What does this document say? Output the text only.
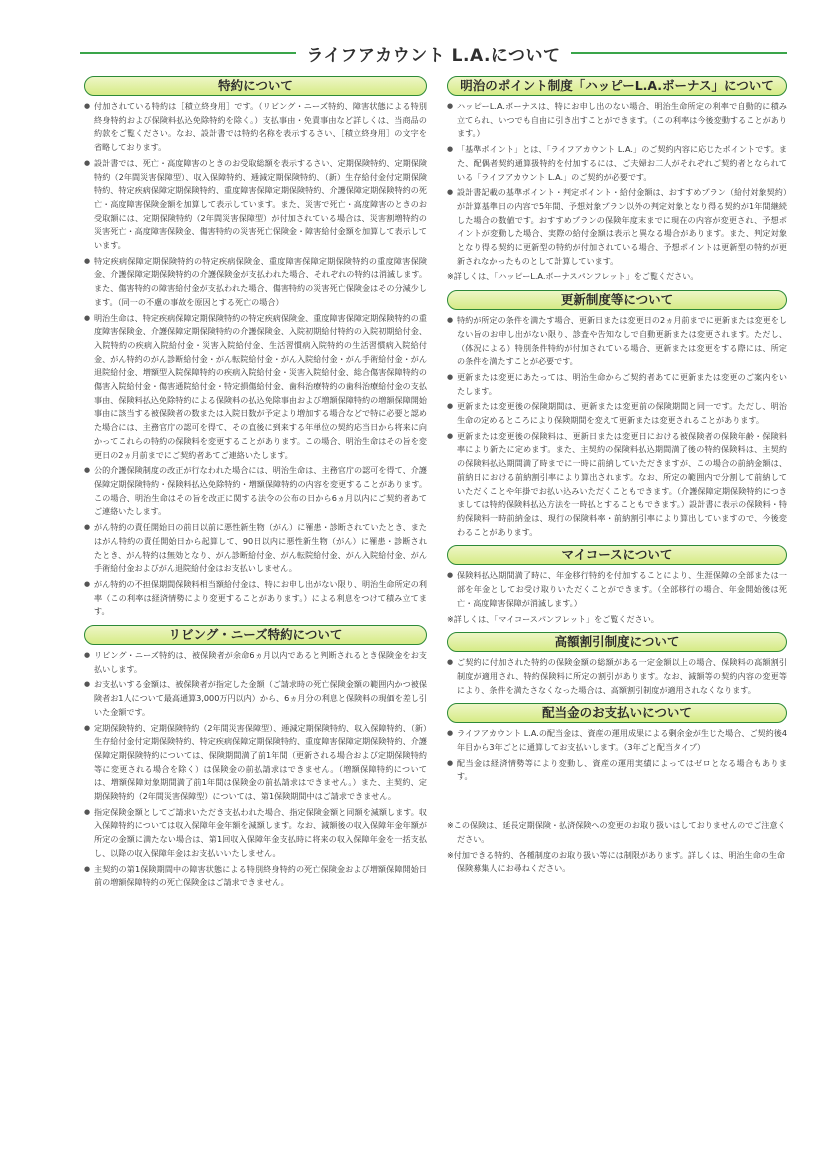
ライフアカウント L.A.について
特約について
● 付加されている特約は［積立終身用］です。（リビング・ニーズ特約、障害状態による特別終身特約および保険料払込免除特約を除く。）支払事由・免責事由など詳しくは、当商品の約款をご覧ください。なお、設計書では特約名称を表示するさい、［積立終身用］の文字を省略しております。
● 設計書では、死亡・高度障害のときのお受取総額を表示するさい、定期保険特約、定期保険特約（2年間災害保障型）、収入保障特約、逓減定期保険特約、（新）生存給付金付定期保険特約、特定疾病保障定期保険特約、重度障害保障定期保険特約、介護保障定期保険特約の死亡・高度障害保険金額を加算して表示しています。また、災害で死亡・高度障害のときのお受取額には、定期保険特約（2年間災害保障型）が付加されている場合は、災害割増特約の災害死亡・高度障害保険金、傷害特約の災害死亡保険金・障害給付金額を加算して表示しています。
● 特定疾病保障定期保険特約の特定疾病保険金、重度障害保障定期保険特約の重度障害保険金、介護保障定期保険特約の介護保険金が支払われた場合、それぞれの特約は消滅します。また、傷害特約の障害給付金が支払われた場合、傷害特約の災害死亡保険金はその分減少します。（同一の不慮の事故を原因とする死亡の場合）
● 明治生命は、特定疾病保障定期保険特約の特定疾病保険金、重度障害保障定期保険特約の重度障害保険金、介護保障定期保険特約の介護保険金、入院初期給付特約の入院初期給付金、入院特約の疾病入院給付金・災害入院給付金、生活習慣病入院特約の生活習慣病入院給付金、がん特約のがん診断給付金・がん転院給付金・がん入院給付金・がん手術給付金・がん退院給付金、増額型入院保障特約の疾病入院給付金・災害入院給付金、総合傷害保障特約の傷害入院給付金・傷害通院給付金・特定損傷給付金、歯科治療特約の歯科治療給付金の支払事由、保険料払込免除特約による保険料の払込免除事由および増額保障特約の増額保障開始事由に該当する被保険者の数または入院日数が予定より増加する場合などで特に必要と認めた場合には、主務官庁の認可を得て、その直後に到来する年単位の契約応当日から将来に向かってこれらの特約の保険料を変更することがあります。この場合、明治生命はその旨を変更日の2ヵ月前までにご契約者あてご連絡いたします。
● 公的介護保険制度の改正が行なわれた場合には、明治生命は、主務官庁の認可を得て、介護保障定期保険特約・保険料払込免除特約・増額保障特約の内容を変更することがあります。この場合、明治生命はその旨を改正に関する法令の公布の日から6ヵ月以内にご契約者あてご連絡いたします。
● がん特約の責任開始日の前日以前に悪性新生物（がん）に罹患・診断されていたとき、またはがん特約の責任開始日から起算して、90日以内に悪性新生物（がん）に罹患・診断されたとき、がん特約は無効となり、がん診断給付金、がん転院給付金、がん入院給付金、がん手術給付金およびがん退院給付金はお支払いしません。
● がん特約の不担保期間保険料相当額給付金は、特にお申し出がない限り、明治生命所定の利率（この利率は経済情勢により変更することがあります。）による利息をつけて積み立てます。
リビング・ニーズ特約について
● リビング・ニーズ特約は、被保険者が余命6ヵ月以内であると判断されるとき保険金をお支払いします。
● お支払いする金額は、被保険者が指定した金額（ご請求時の死亡保険金額の範囲内かつ被保険者お1人について最高通算3,000万円以内）から、6ヵ月分の利息と保険料の現価を差し引いた金額です。
● 定期保険特約、定期保険特約（2年間災害保障型）、逓減定期保険特約、収入保障特約、（新）生存給付金付定期保険特約、特定疾病保障定期保険特約、重度障害保障定期保険特約、介護保障定期保険特約については、保険期間満了前1年間（更新される場合および定期保険特約等に変更される場合を除く）は保険金の前払請求はできません。（増額保障特約については、増額保障対象期間満了前1年間は保険金の前払請求はできません。）また、主契約、定期保険特約（2年間災害保障型）については、第1保険期間中はご請求できません。
● 指定保険金額としてご請求いただき支払われた場合、指定保険金額と同額を減額します。収入保障特約については収入保障年金年額を減額します。なお、減額後の収入保障年金年額が所定の金額に満たない場合は、第1回収入保障年金支払時に将来の収入保障年金を一括支払し、以降の収入保障年金はお支払いいたしません。
● 主契約の第1保険期間中の障害状態による特別終身特約の死亡保険金および増額保障開始日前の増額保障特約の死亡保険金はご請求できません。
明治のポイント制度「ハッピーL.A.ボーナス」について
● ハッピーL.A.ボーナスは、特にお申し出のない場合、明治生命所定の利率で自動的に積み立てられ、いつでも自由に引き出すことができます。（この利率は今後変動することがあります。）
● 「基準ポイント」とは、「ライフアカウント L.A.」のご契約内容に応じたポイントです。また、配偶者契約通算扱特約を付加するには、ご夫婦お二人がそれぞれご契約者となられている「ライフアカウント L.A.」のご契約が必要です。
● 設計書記載の基準ポイント・判定ポイント・給付金額は、おすすめプラン（給付対象契約）が計算基準日の内容で5年間、予想対象プラン以外の判定対象となり得る契約が1年間継続した場合の数値です。おすすめプランの保険年度末までに現在の内容が変更され、予想ポイントが変動した場合、実際の給付金額は表示と異なる場合があります。また、判定対象となり得る契約に更新型の特約が付加されている場合、予想ポイントは更新型の特約が更新されなかったものとして計算しています。

※詳しくは、「ハッピーL.A.ボーナスパンフレット」をご覧ください。

更新制度等について
● 特約が所定の条件を満たす場合、更新日または変更日の2ヵ月前までに更新または変更をしない旨のお申し出がない限り、診査や告知なしで自動更新または変更されます。ただし、（体況による）特別条件特約が付加されている場合、更新または変更をする際には、所定の条件を満たすことが必要です。
● 更新または変更にあたっては、明治生命からご契約者あてに更新または変更のご案内をいたします。
● 更新または変更後の保険期間は、更新または変更前の保険期間と同一です。ただし、明治生命の定めるところにより保険期間を変えて更新または変更されることがあります。
● 更新または変更後の保険料は、更新日または変更日における被保険者の保険年齢・保険料率により新たに定めます。また、主契約の保険料払込期間満了後の特約保険料は、主契約の保険料払込期間満了時までに一時に前納していただきますが、この場合の前納金額は、前納日における前納割引率により算出されます。なお、所定の範囲内で分割して前納していただくことや年掛でお払い込みいただくこともできます。（介護保障定期保険特約につきましては特約保険料払込方法を一時払とすることもできます。）設計書に表示の保険料・特約保険料一時前納金は、現行の保険料率・前納割引率により算出していますので、今後変わることがあります。
マイコースについて
● 保険料払込期間満了時に、年金移行特約を付加することにより、生涯保障の全部または一部を年金としてお受け取りいただくことができます。（全部移行の場合、年金開始後は死亡・高度障害保障が消滅します。）

※詳しくは、「マイコースパンフレット」をご覧ください。

高額割引制度について
● ご契約に付加された特約の保険金額の総額がある一定金額以上の場合、保険料の高額割引制度が適用され、特約保険料に所定の割引があります。なお、減額等の契約内容の変更等により、条件を満たさなくなった場合は、高額割引制度が適用されなくなります。
配当金のお支払いについて
● ライフアカウント L.A.の配当金は、資産の運用成果による剰余金が生じた場合、ご契約後4年目から3年ごとに通算してお支払いします。（3年ごと配当タイプ）
● 配当金は経済情勢等により変動し、資産の運用実績によってはゼロとなる場合もあります。

※この保険は、延長定期保険・払済保険への変更のお取り扱いはしておりませんのでご注意ください。

※付加できる特約、各種制度のお取り扱い等には制限があります。詳しくは、明治生命の生命保険募集人にお尋ねください。
